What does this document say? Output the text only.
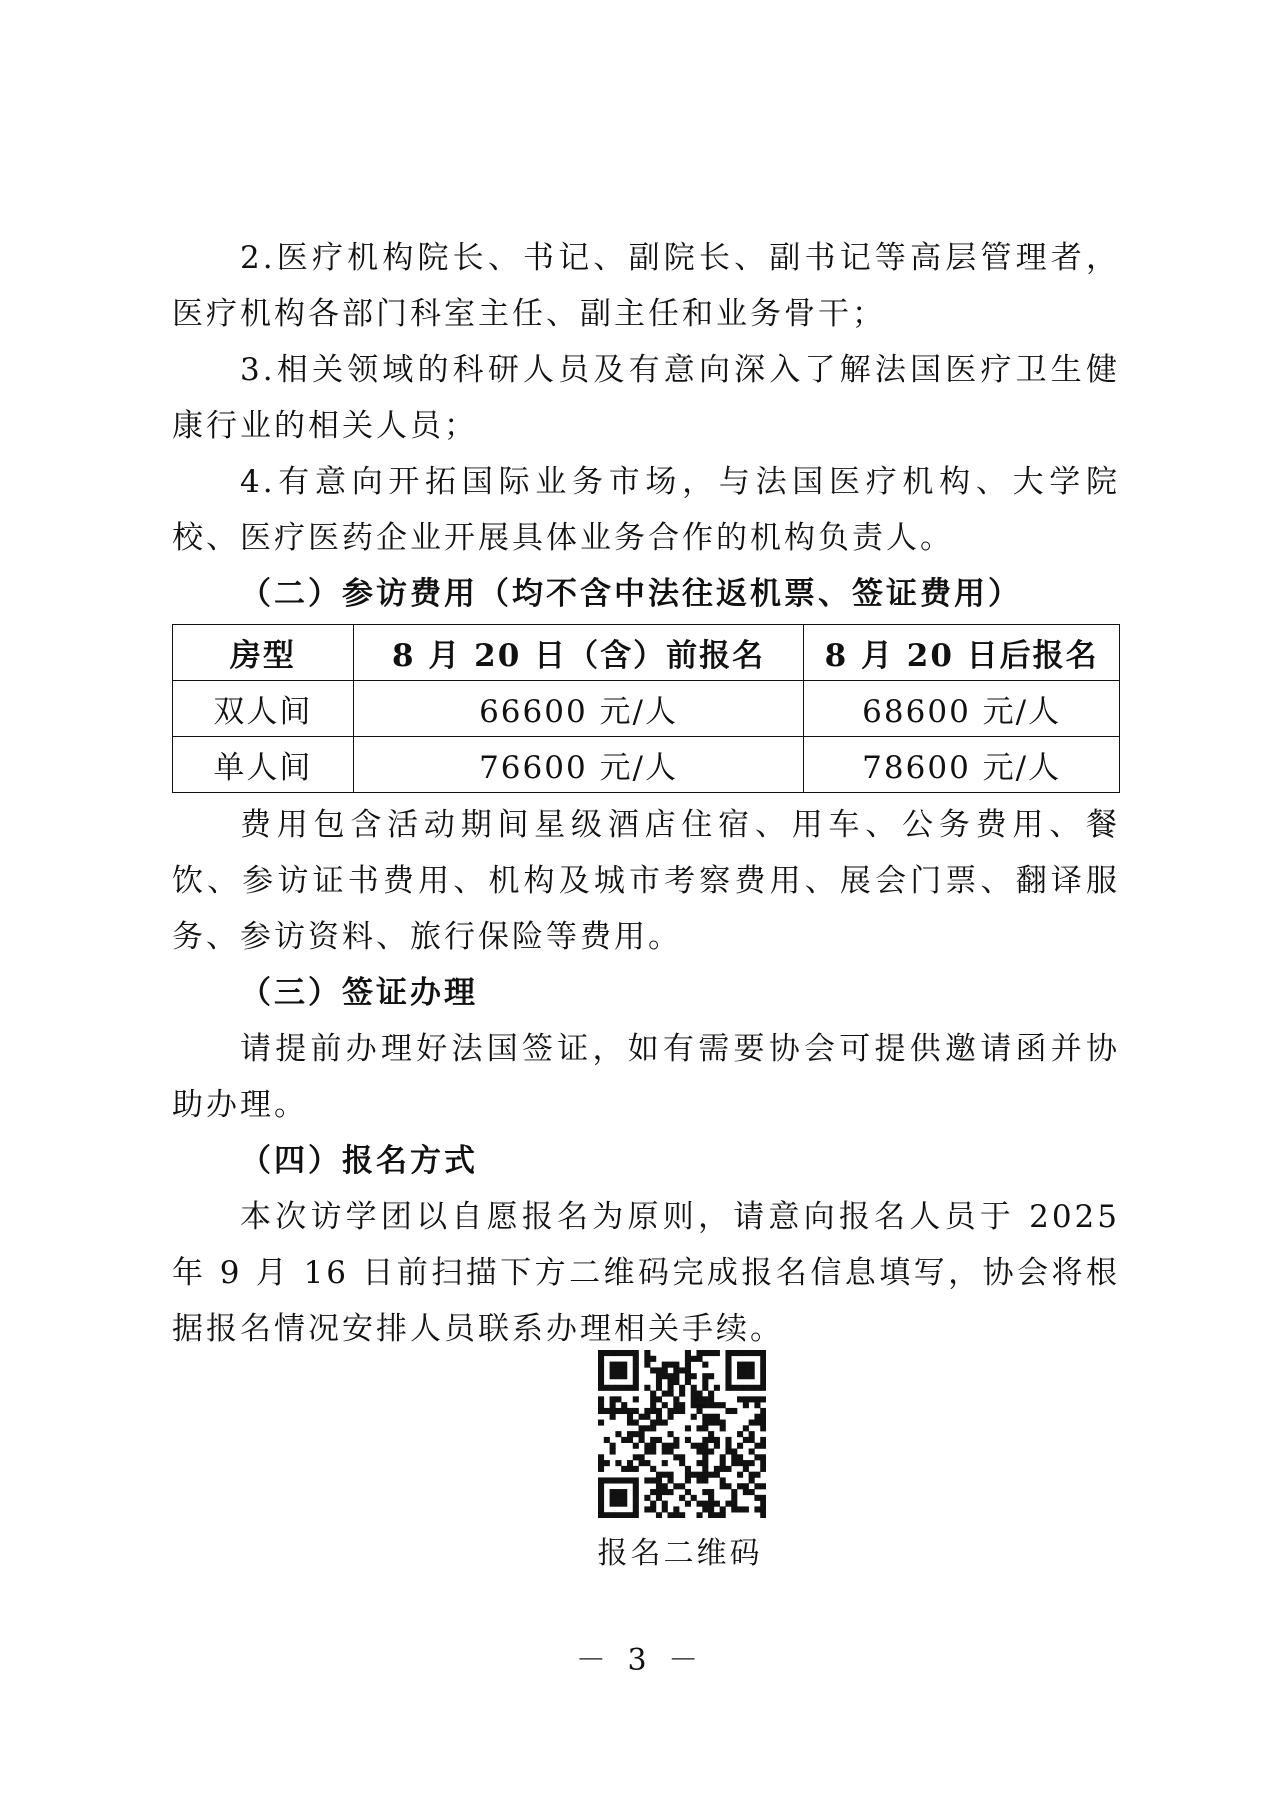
2.医疗机构院长、书记、副院长、副书记等高层管理者，医疗机构各部门科室主任、副主任和业务骨干；

3.相关领域的科研人员及有意向深入了解法国医疗卫生健康行业的相关人员；

4.有意向开拓国际业务市场，与法国医疗机构、大学院校、医疗医药企业开展具体业务合作的机构负责人。

（二）参访费用（均不含中法往返机票、签证费用）

房型	8 月 20 日（含）前报名	8 月 20 日后报名
双人间	66600 元/人	68600 元/人
单人间	76600 元/人	78600 元/人

费用包含活动期间星级酒店住宿、用车、公务费用、餐饮、参访证书费用、机构及城市考察费用、展会门票、翻译服务、参访资料、旅行保险等费用。

（三）签证办理

请提前办理好法国签证，如有需要协会可提供邀请函并协助办理。

（四）报名方式

本次访学团以自愿报名为原则，请意向报名人员于 2025 年 9 月 16 日前扫描下方二维码完成报名信息填写，协会将根据报名情况安排人员联系办理相关手续。

报名二维码
－ 3 －
